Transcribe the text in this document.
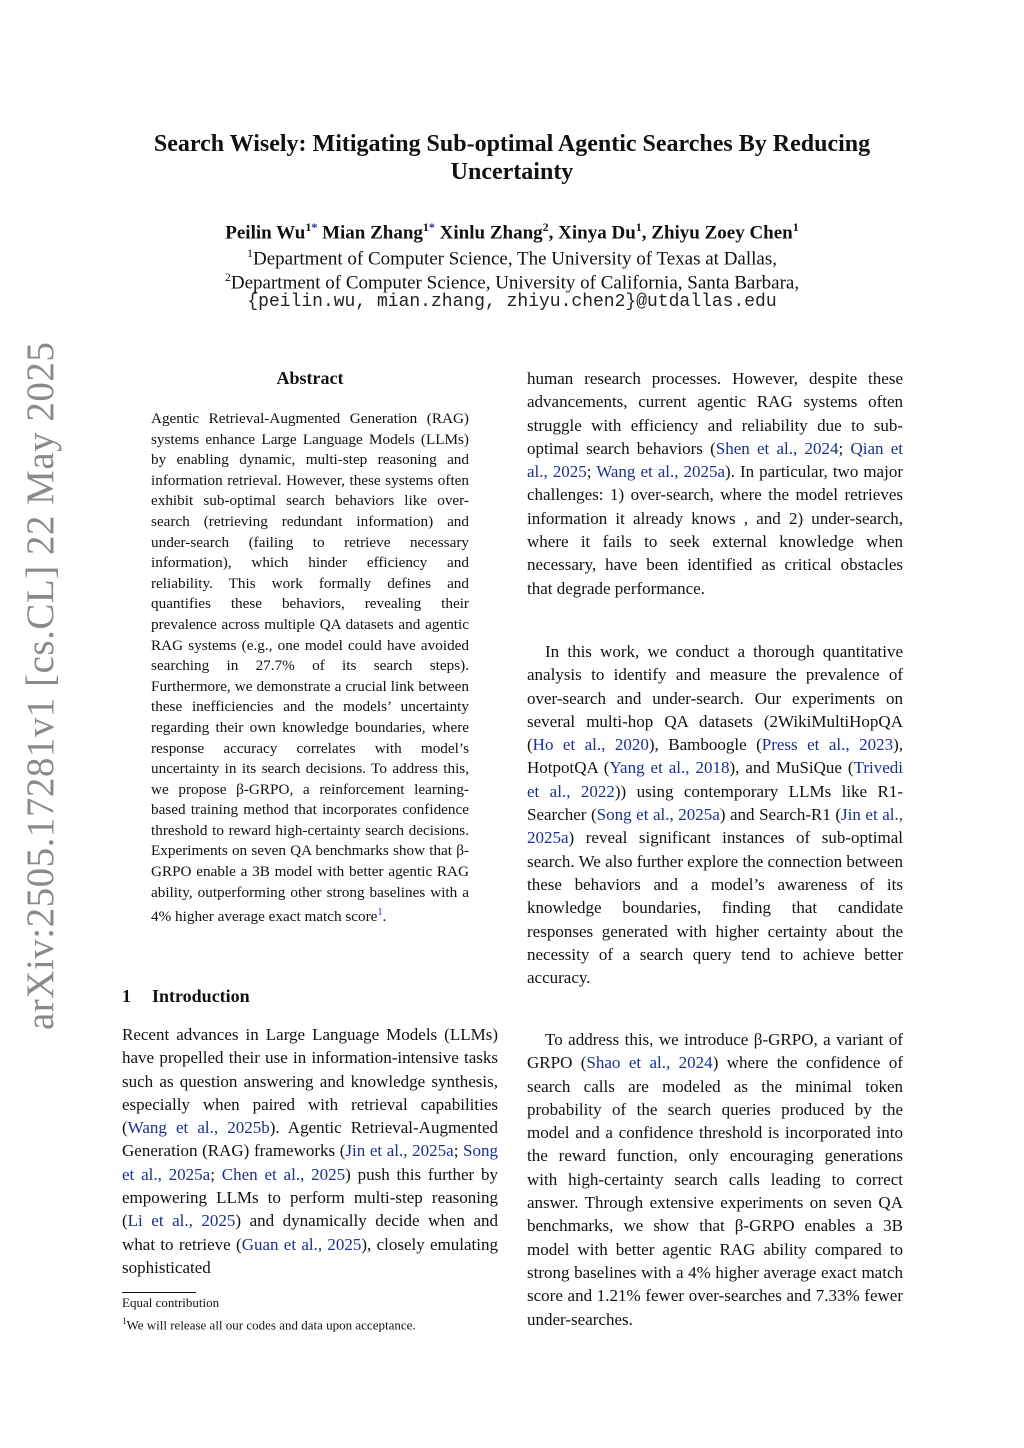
arXiv:2505.17281v1 [cs.CL] 22 May 2025
Search Wisely: Mitigating Sub-optimal Agentic Searches By Reducing
Uncertainty
Peilin $Wu^{1*}$ Mian Zhang$^{1*}$ Xinlu Zhang$^2$, Xinya Du$^1$, Zhiyu Zoey Chen$^1$
$^1$Department of Computer Science, The University of Texas at Dallas,
$^2$Department of Computer Science, University of California, Santa Barbara,
{peilin.wu, mian.zhang, zhiyu.chen2}@utdallas.edu
Abstract
Agentic Retrieval-Augmented Generation (RAG) systems enhance Large Language Models (LLMs) by enabling dynamic, multi-step reasoning and information retrieval. However, these systems often exhibit sub-optimal search behaviors like over-search (retrieving redundant information) and under-search (failing to retrieve necessary information), which hinder efficiency and reliability. This work formally defines and quantifies these behaviors, revealing their prevalence across multiple QA datasets and agentic RAG systems (e.g., one model could have avoided searching in 27.7% of its search steps). Furthermore, we demonstrate a crucial link between these inefficiencies and the models’ uncertainty regarding their own knowledge boundaries, where response accuracy correlates with model’s uncertainty in its search decisions. To address this, we propose β-GRPO, a reinforcement learning-based training method that incorporates confidence threshold to reward high-certainty search decisions. Experiments on seven QA benchmarks show that β-GRPO enable a 3B model with better agentic RAG ability, outperforming other strong baselines with a 4% higher average exact match score$^1$.
1 Introduction
Recent advances in Large Language Models (LLMs) have propelled their use in information-intensive tasks such as question answering and knowledge synthesis, especially when paired with retrieval capabilities (Wang et al., 2025b). Agentic Retrieval-Augmented Generation (RAG) frameworks (Jin et al., 2025a; Song et al., 2025a; Chen et al., 2025) push this further by empowering LLMs to perform multi-step reasoning (Li et al., 2025) and dynamically decide when and what to retrieve (Guan et al., 2025), closely emulating sophisticated
human research processes. However, despite these advancements, current agentic RAG systems often struggle with efficiency and reliability due to sub-optimal search behaviors (Shen et al., 2024; Qian et al., 2025; Wang et al., 2025a). In particular, two major challenges: 1) over-search, where the model retrieves information it already knows , and 2) under-search, where it fails to seek external knowledge when necessary, have been identified as critical obstacles that degrade performance.
In this work, we conduct a thorough quantitative analysis to identify and measure the prevalence of over-search and under-search. Our experiments on several multi-hop QA datasets (2WikiMultiHopQA (Ho et al., 2020), Bamboogle (Press et al., 2023), HotpotQA (Yang et al., 2018), and MuSiQue (Trivedi et al., 2022)) using contemporary LLMs like R1-Searcher (Song et al., 2025a) and Search-R1 (Jin et al., 2025a) reveal significant instances of sub-optimal search. We also further explore the connection between these behaviors and a model’s awareness of its knowledge boundaries, finding that candidate responses generated with higher certainty about the necessity of a search query tend to achieve better accuracy.
To address this, we introduce β-GRPO, a variant of GRPO (Shao et al., 2024) where the confidence of search calls are modeled as the minimal token probability of the search queries produced by the model and a confidence threshold is incorporated into the reward function, only encouraging generations with high-certainty search calls leading to correct answer. Through extensive experiments on seven QA benchmarks, we show that β-GRPO enables a 3B model with better agentic RAG ability compared to strong baselines with a 4% higher average exact match score and 1.21% fewer over-searches and 7.33% fewer under-searches.
Equal contribution
$^1$We will release all our codes and data upon acceptance.
